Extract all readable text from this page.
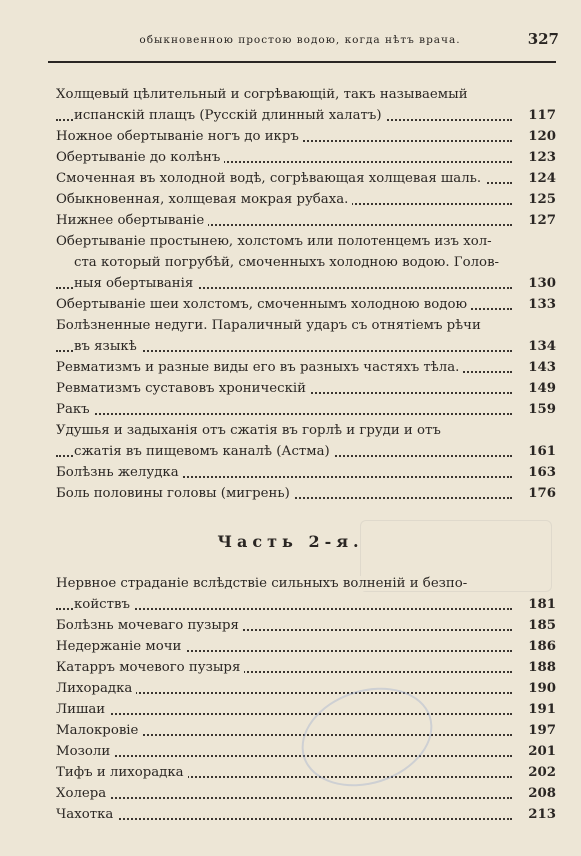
обыкновенною простою водою, когда нѣтъ врача.	327
Холщевый цѣлительный и согрѣвающій, такъ называемый
испанскій плащъ (Русскій длинный халатъ)	117
Ножное обертываніе ногъ до икръ	120
Обертываніе до колѣнъ	123
Смоченная въ холодной водѣ, согрѣвающая холщевая шаль.	124
Обыкновенная, холщевая мокрая рубаха.	125
Нижнее обертываніе	127
Обертываніе простынею, холстомъ или полотенцемъ изъ хол-
ста который погрубѣй, смоченныхъ холодною водою. Голов-
ныя обертыванія	130
Обертываніе шеи холстомъ, смоченнымъ холодною водою	133
Болѣзненные недуги. Параличный ударъ съ отнятіемъ рѣчи
въ языкѣ	134
Ревматизмъ и разные виды его въ разныхъ частяхъ тѣла.	143
Ревматизмъ суставовъ хроническій	149
Ракъ	159
Удушья и задыханія отъ сжатія въ горлѣ и груди и отъ
сжатія въ пищевомъ каналѣ (Астма)	161
Болѣзнь желудка	163
Боль половины головы (мигрень)	176
Часть 2-я.
Нервное страданіе вслѣдствіе сильныхъ волненій и безпо-
койствъ	181
Болѣзнь мочеваго пузыря	185
Недержаніе мочи	186
Катарръ мочевого пузыря	188
Лихорадка	190
Лишаи	191
Малокровіе	197
Мозоли	201
Тифъ и лихорадка	202
Холера	208
Чахотка	213
